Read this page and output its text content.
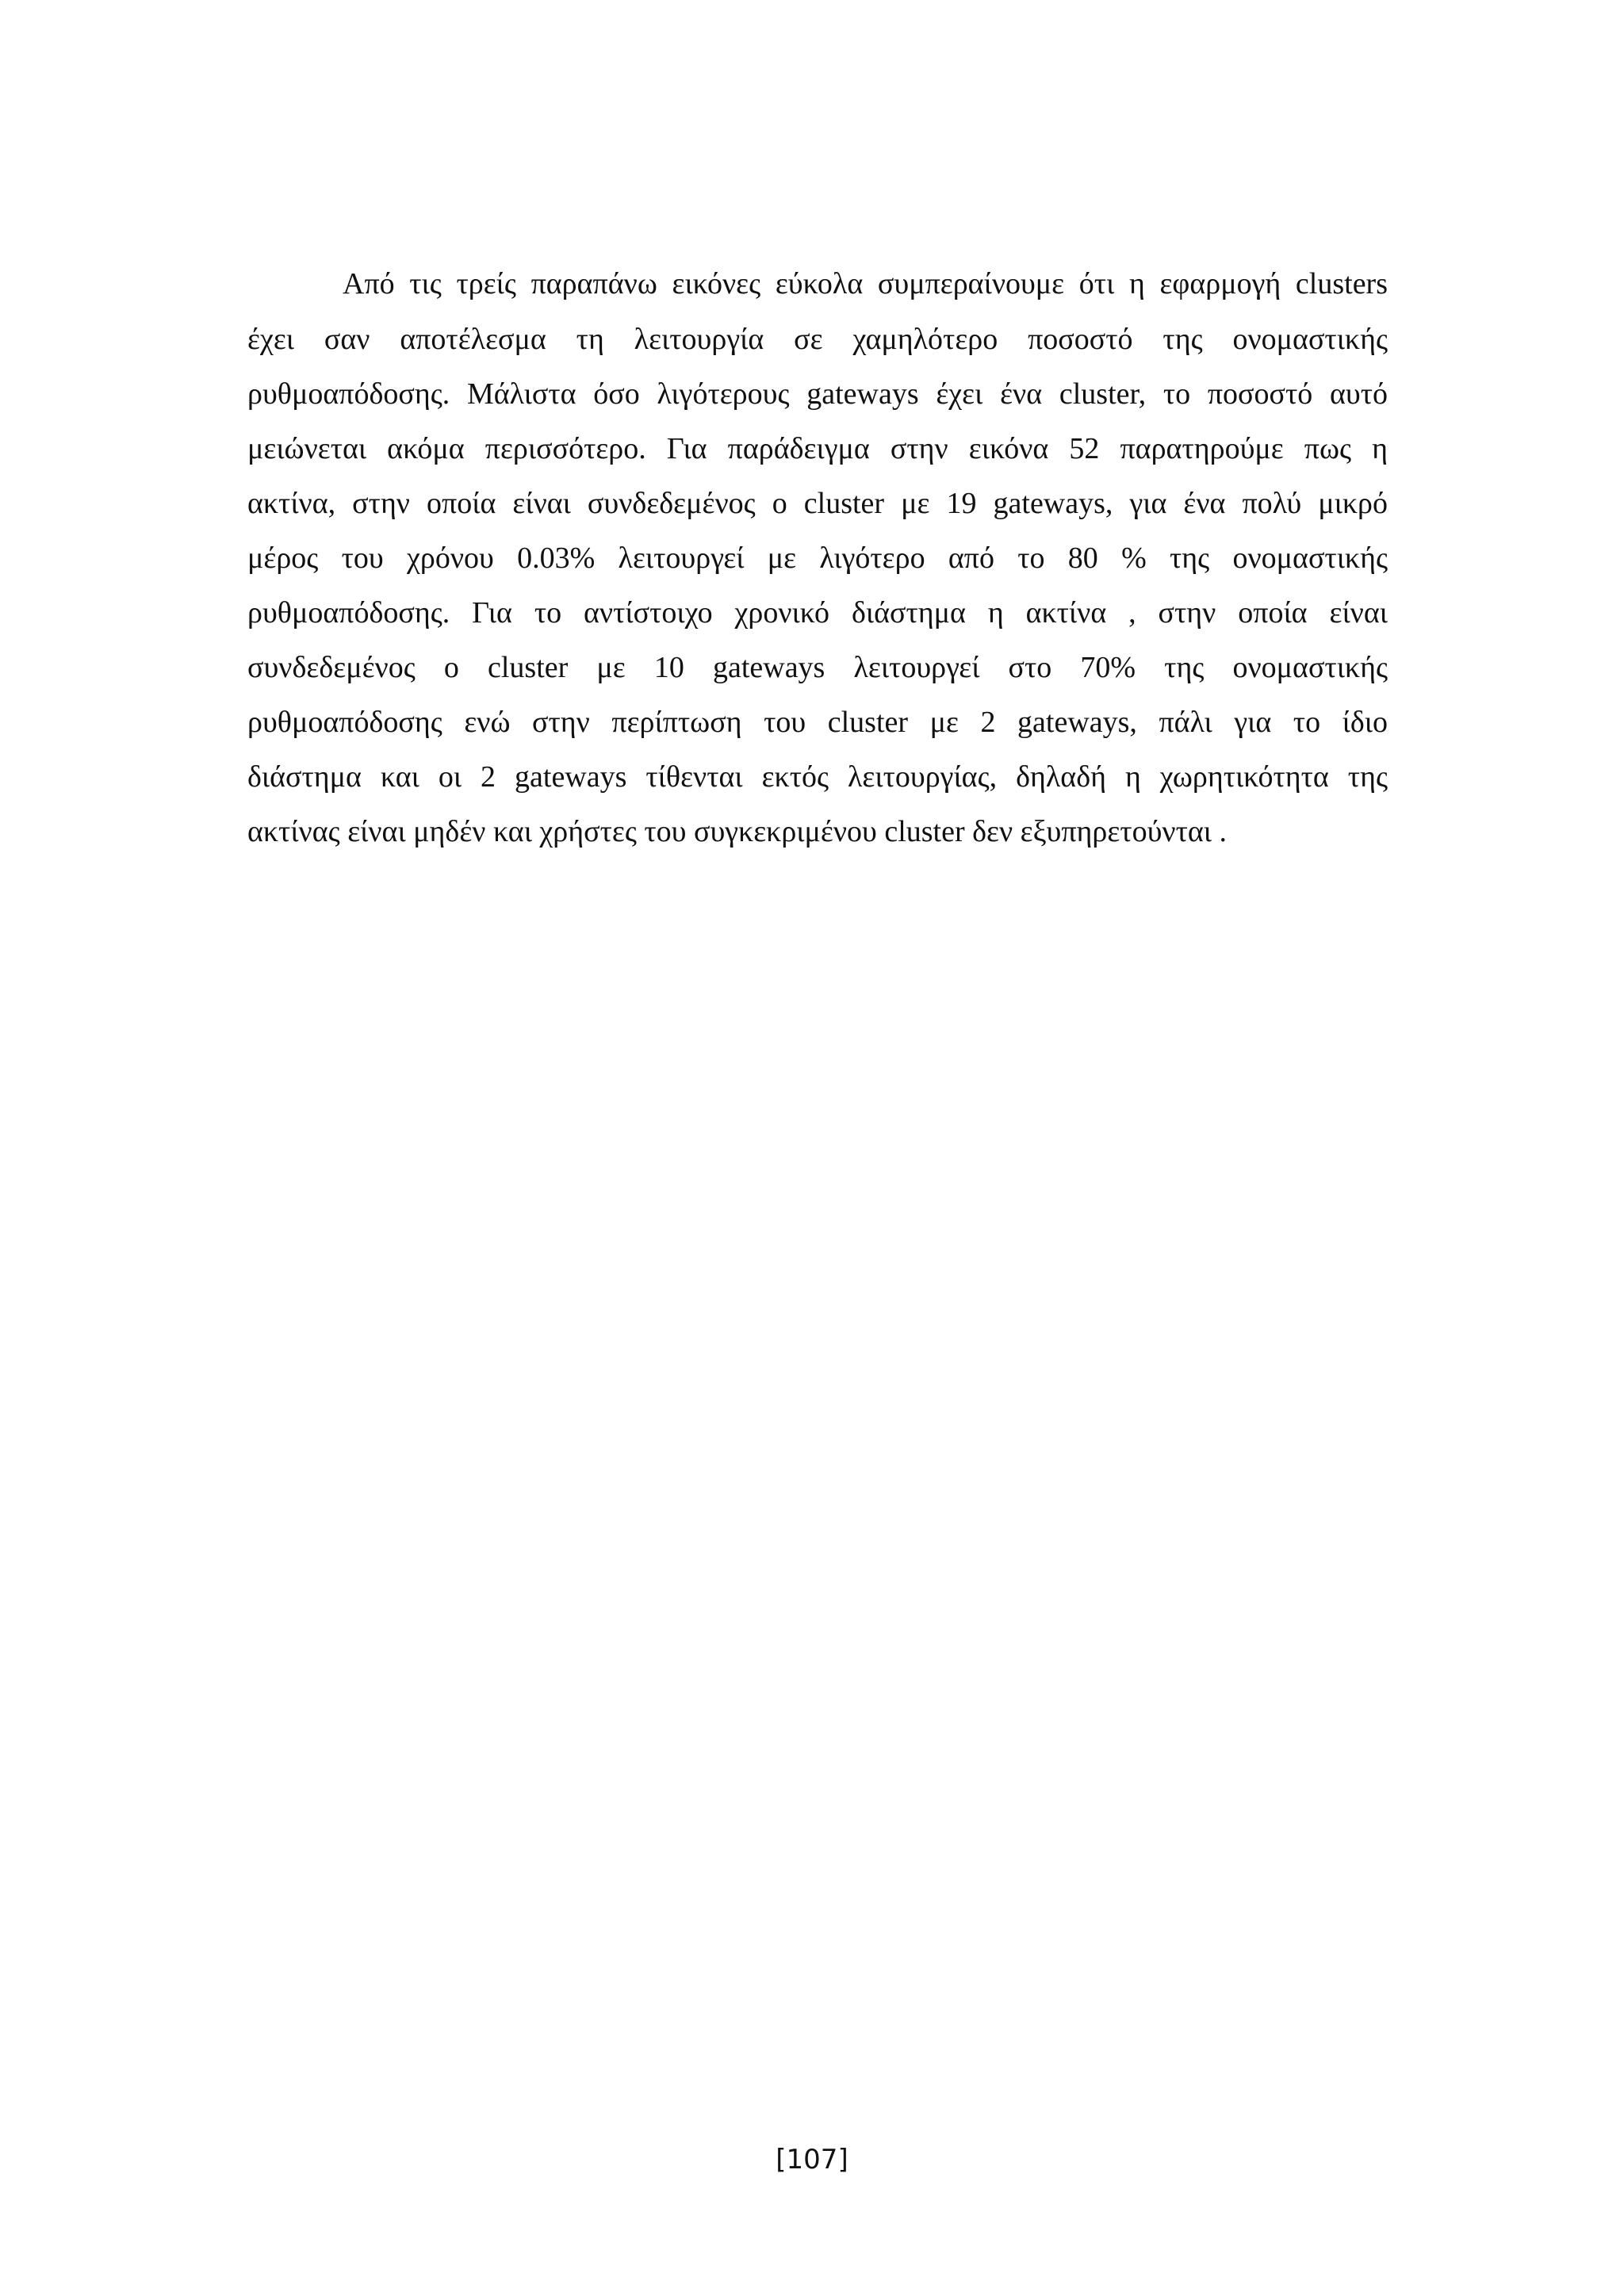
Από τις τρείς παραπάνω εικόνες εύκολα συμπεραίνουμε ότι η εφαρμογή clusters
έχει σαν αποτέλεσμα τη λειτουργία σε χαμηλότερο ποσοστό της ονομαστικής
ρυθμοαπόδοσης. Μάλιστα όσο λιγότερους gateways έχει ένα cluster, το ποσοστό αυτό
μειώνεται ακόμα περισσότερο. Για παράδειγμα στην εικόνα 52 παρατηρούμε πως η
ακτίνα, στην οποία είναι συνδεδεμένος ο cluster με 19 gateways, για ένα πολύ μικρό
μέρος του χρόνου 0.03% λειτουργεί με λιγότερο από το 80 % της ονομαστικής
ρυθμοαπόδοσης. Για το αντίστοιχο χρονικό διάστημα η ακτίνα , στην οποία είναι
συνδεδεμένος ο cluster με 10 gateways λειτουργεί στο 70% της ονομαστικής
ρυθμοαπόδοσης ενώ στην περίπτωση του cluster με 2 gateways, πάλι για το ίδιο
διάστημα και οι 2 gateways τίθενται εκτός λειτουργίας, δηλαδή η χωρητικότητα της
ακτίνας είναι μηδέν και χρήστες του συγκεκριμένου cluster δεν εξυπηρετούνται .
[107]
